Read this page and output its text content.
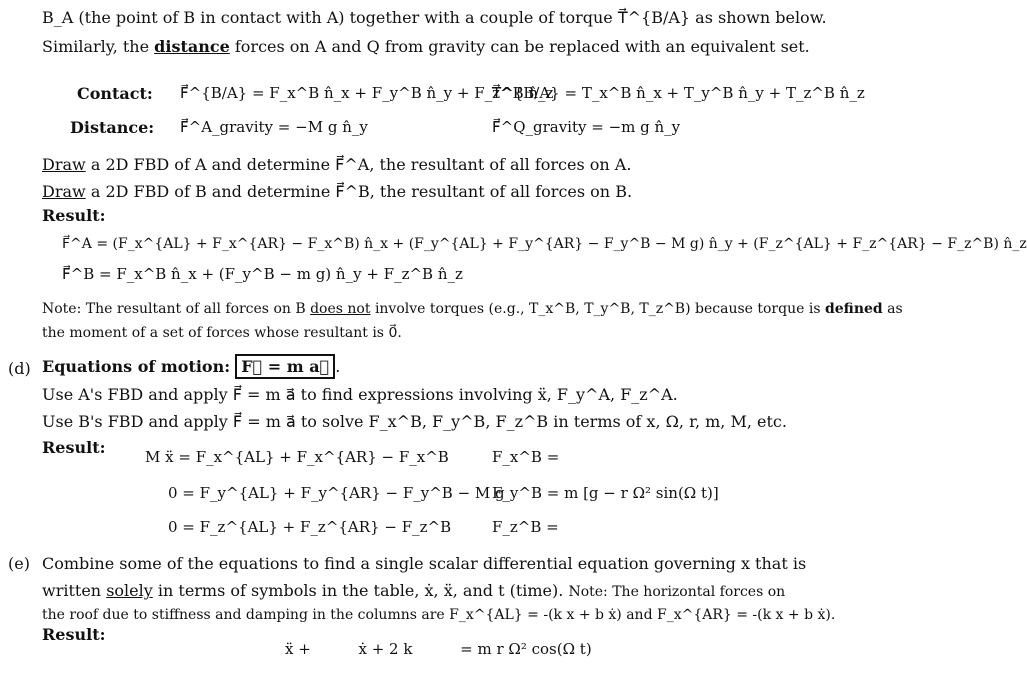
B_A (the point of B in contact with A) together with a couple of torque T⃗^{B/A} as shown below.
Similarly, the distance forces on A and Q from gravity can be replaced with an equivalent set.
Contact: F⃗^{B/A} = F_x^B n̂_x + F_y^B n̂_y + F_z^B n̂_z
T⃗^{B/A} = T_x^B n̂_x + T_y^B n̂_y + T_z^B n̂_z
Distance: F⃗^A_gravity = −M g n̂_y	F⃗^Q_gravity = −m g n̂_y
Draw a 2D FBD of A and determine F⃗^A, the resultant of all forces on A.
Draw a 2D FBD of B and determine F⃗^B, the resultant of all forces on B.
Result:
F⃗^A = (F_x^{AL} + F_x^{AR} − F_x^B) n̂_x + (F_y^{AL} + F_y^{AR} − F_y^B − M g) n̂_y + (F_z^{AL} + F_z^{AR} − F_z^B) n̂_z
F⃗^B = F_x^B n̂_x + (F_y^B − m g) n̂_y + F_z^B n̂_z
Note: The resultant of all forces on B does not involve torques (e.g., T_x^B, T_y^B, T_z^B) because torque is defined as
the moment of a set of forces whose resultant is 0⃗.
(d) Equations of motion: F⃗ = m a⃗ .
Use A's FBD and apply F⃗ = m a⃗ to find expressions involving ẍ, F_y^A, F_z^A.
Use B's FBD and apply F⃗ = m a⃗ to solve F_x^B, F_y^B, F_z^B in terms of x, Ω, r, m, M, etc.
Result:	M ẍ = F_x^{AL} + F_x^{AR} − F_x^B
0 = F_y^{AL} + F_y^{AR} − F_y^B − M g
0 = F_z^{AL} + F_z^{AR} − F_z^B
F_x^B =
F_y^B = m [g − r Ω² sin(Ω t)]
F_z^B =
(e) Combine some of the equations to find a single scalar differential equation governing x that is
written solely in terms of symbols in the table, ẋ, ẍ, and t (time). Note: The horizontal forces on
the roof due to stiffness and damping in the columns are F_x^{AL} = -(k x + b ẋ) and F_x^{AR} = -(k x + b ẋ).
Result:
ẍ +          ẋ + 2 k          = m r Ω² cos(Ω t)
